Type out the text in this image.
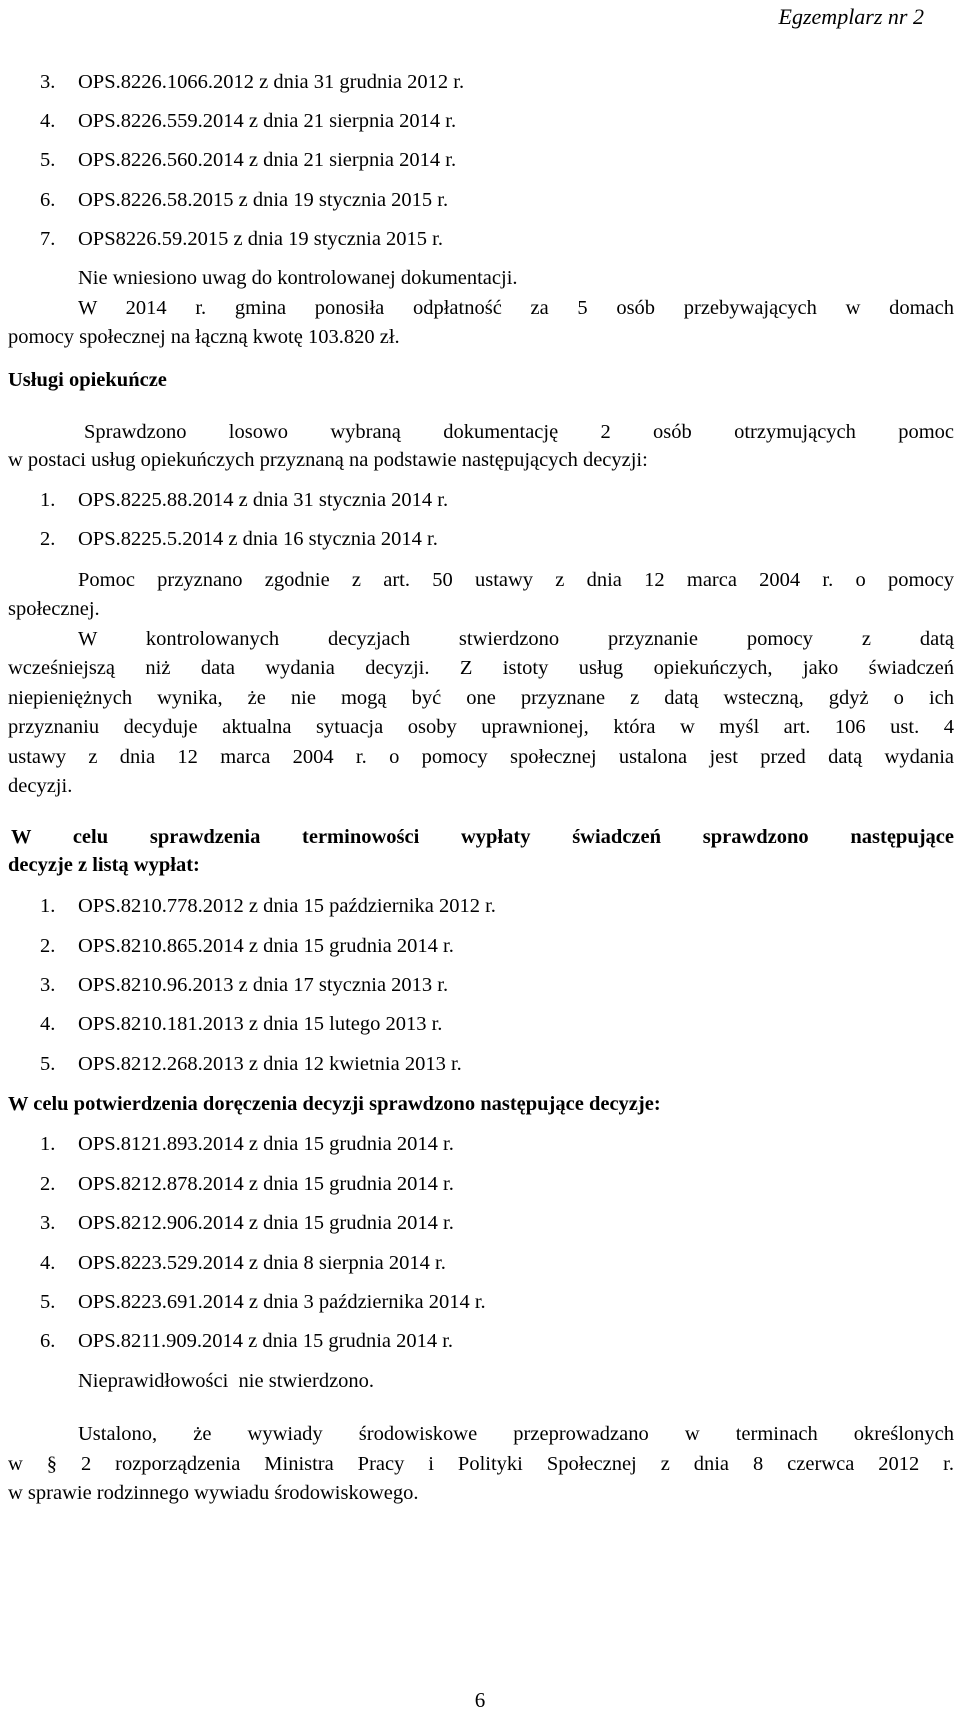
Egzemplarz nr 2
3. OPS.8226.1066.2012 z dnia 31 grudnia 2012 r.
4. OPS.8226.559.2014 z dnia 21 sierpnia 2014 r.
5. OPS.8226.560.2014 z dnia 21 sierpnia 2014 r.
6. OPS.8226.58.2015 z dnia 19 stycznia 2015 r.
7. OPS8226.59.2015 z dnia 19 stycznia 2015 r.
Nie wniesiono uwag do kontrolowanej dokumentacji.
W 2014 r. gmina ponosiła odpłatność za 5 osób przebywających w domach
pomocy społecznej na łączną kwotę 103.820 zł.
Usługi opiekuńcze
Sprawdzono losowo wybraną dokumentację 2 osób otrzymujących pomoc
w postaci usług opiekuńczych przyznaną na podstawie następujących decyzji:
1. OPS.8225.88.2014 z dnia 31 stycznia 2014 r.
2. OPS.8225.5.2014 z dnia 16 stycznia 2014 r.
Pomoc przyznano zgodnie z art. 50 ustawy z dnia 12 marca 2004 r. o pomocy
społecznej.
W kontrolowanych decyzjach stwierdzono przyznanie pomocy z datą
wcześniejszą niż data wydania decyzji. Z istoty usług opiekuńczych, jako świadczeń
niepieniężnych wynika, że nie mogą być one przyznane z datą wsteczną, gdyż o ich
przyznaniu decyduje aktualna sytuacja osoby uprawnionej, która w myśl art. 106 ust. 4
ustawy z dnia 12 marca 2004 r. o pomocy społecznej ustalona jest przed datą wydania
decyzji.
W celu sprawdzenia terminowości wypłaty świadczeń sprawdzono następujące
decyzje z listą wypłat:
1. OPS.8210.778.2012 z dnia 15 października 2012 r.
2. OPS.8210.865.2014 z dnia 15 grudnia 2014 r.
3. OPS.8210.96.2013 z dnia 17 stycznia 2013 r.
4. OPS.8210.181.2013 z dnia 15 lutego 2013 r.
5. OPS.8212.268.2013 z dnia 12 kwietnia 2013 r.
W celu potwierdzenia doręczenia decyzji sprawdzono następujące decyzje:
1. OPS.8121.893.2014 z dnia 15 grudnia 2014 r.
2. OPS.8212.878.2014 z dnia 15 grudnia 2014 r.
3. OPS.8212.906.2014 z dnia 15 grudnia 2014 r.
4. OPS.8223.529.2014 z dnia 8 sierpnia 2014 r.
5. OPS.8223.691.2014 z dnia 3 października 2014 r.
6. OPS.8211.909.2014 z dnia 15 grudnia 2014 r.
Nieprawidłowości  nie stwierdzono.
Ustalono, że wywiady środowiskowe przeprowadzano w terminach określonych
w § 2 rozporządzenia Ministra Pracy i Polityki Społecznej z dnia 8 czerwca 2012 r.
w sprawie rodzinnego wywiadu środowiskowego.
6
